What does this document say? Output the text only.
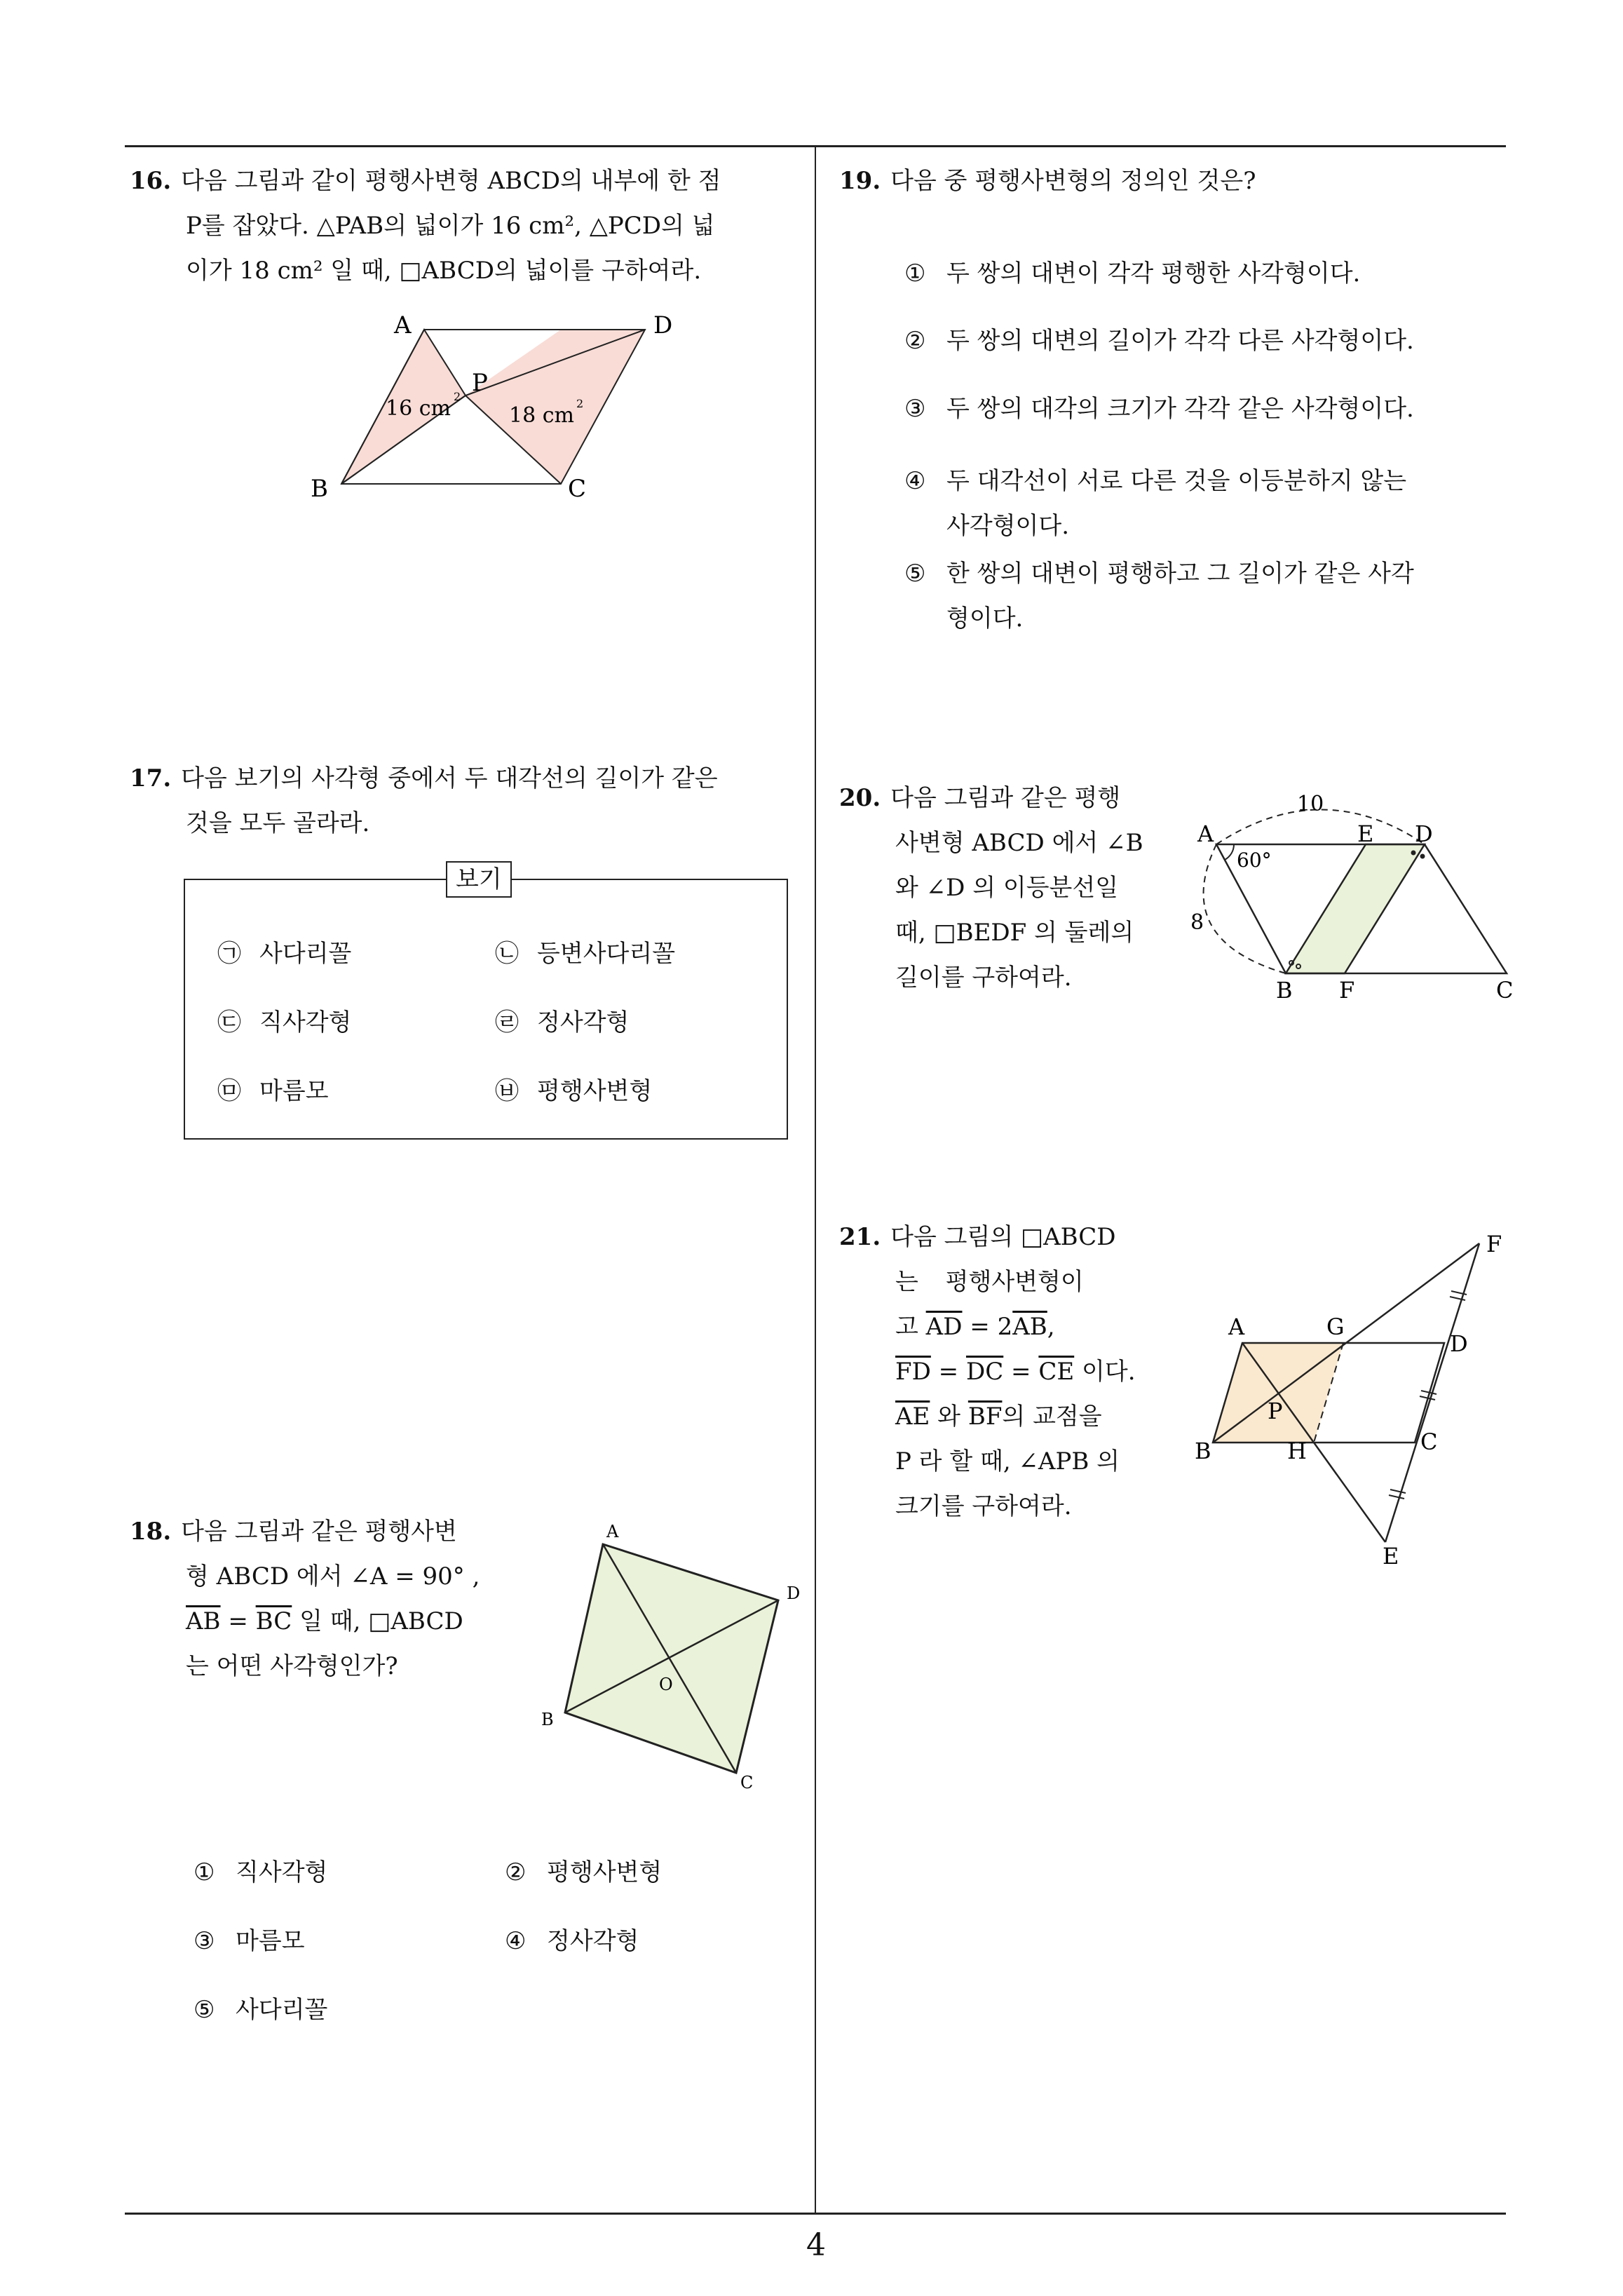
16. 다음 그림과 같이 평행사변형 ABCD의 내부에 한 점
P를 잡았다. △PAB의 넓이가 16 cm², △PCD의 넓
이가 18 cm² 일 때, □ABCD의 넓이를 구하여라.
A	D
B	C
P
16 cm 2
18 cm 2
17. 다음 보기의 사각형 중에서 두 대각선의 길이가 같은
것을 모두 골라라.
보기
㉠ 사다리꼴	㉡ 등변사다리꼴
㉢ 직사각형	㉣ 정사각형
㉤ 마름모	㉥ 평행사변형
18. 다음 그림과 같은 평행사변
형 ABCD 에서 ∠A = 90° ,
$\overline{AB} = \overline{BC}$ 일 때, □ABCD
는 어떤 사각형인가?
A
D
B
C
O
① 직사각형	② 평행사변형
③ 마름모	④ 정사각형
⑤ 사다리꼴
19. 다음 중 평행사변형의 정의인 것은?
① 두 쌍의 대변이 각각 평행한 사각형이다.
② 두 쌍의 대변의 길이가 각각 다른 사각형이다.
③ 두 쌍의 대각의 크기가 각각 같은 사각형이다.
④ 두 대각선이 서로 다른 것을 이등분하지 않는
사각형이다.
⑤ 한 쌍의 대변이 평행하고 그 길이가 같은 사각
형이다.
20. 다음 그림과 같은 평행
사변형 ABCD 에서 ∠B
와 ∠D 의 이등분선일
때, □BEDF 의 둘레의
길이를 구하여라.
A	E D
B F	C
60°
10
8
21. 다음 그림의 □ABCD
는 평행사변형이
고 $\overline{AD} = 2\overline{AB}$,
$\overline{FD} = \overline{DC} = \overline{CE}$ 이다.
$\overline{AE}$ 와 $\overline{BF}$의 교점을
P 라 할 때, ∠APB 의
크기를 구하여라.
F
A	G
D
P
B	H	C
E
4
